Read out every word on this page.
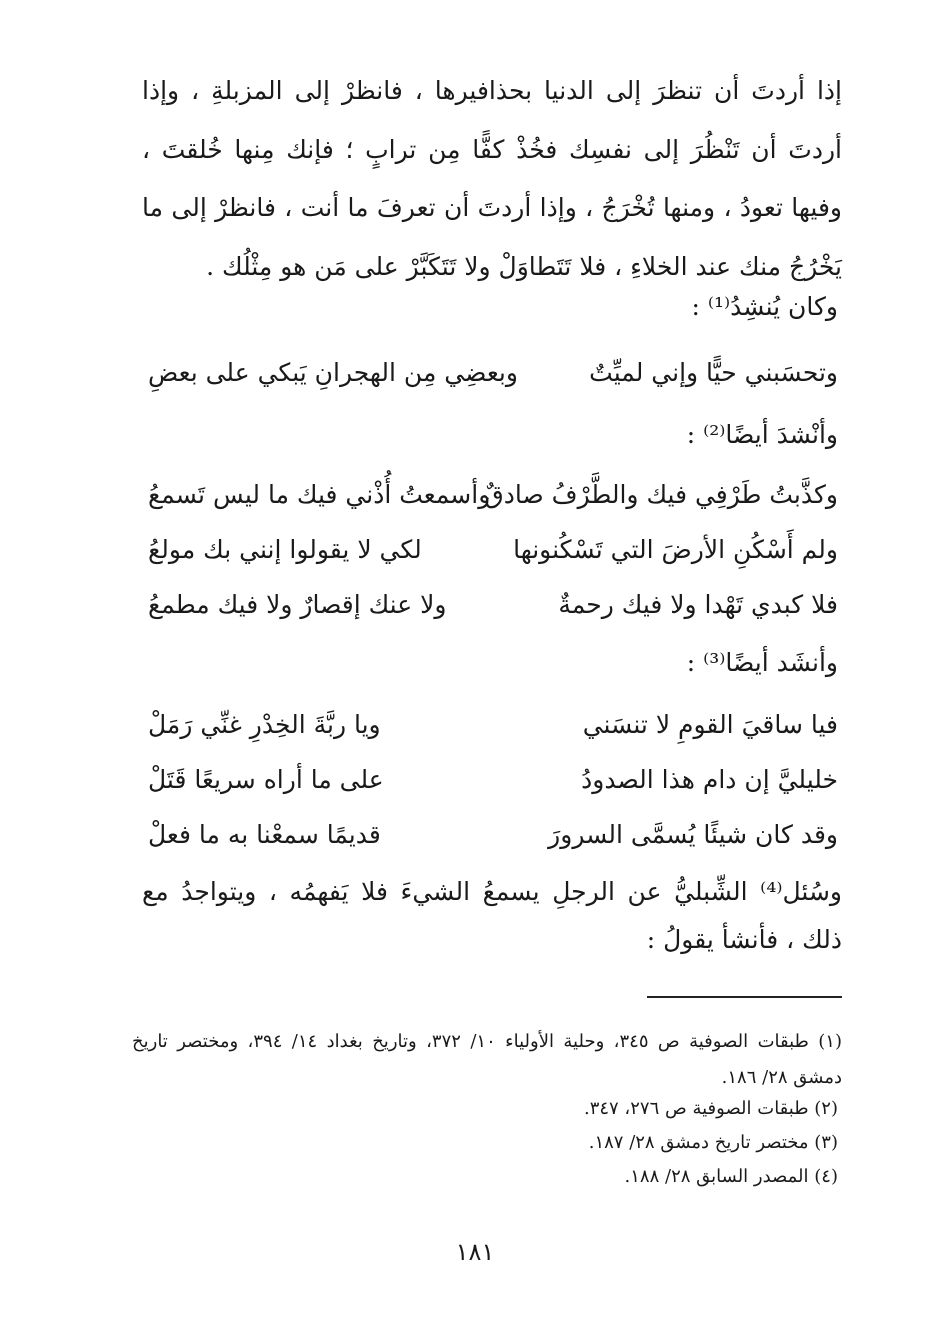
إذا أردتَ أن تنظرَ إلى الدنيا بحذافيرها ، فانظرْ إلى المزبلةِ ، وإذا أردتَ أن تَنْظُرَ إلى نفسِك فخُذْ كفًّا مِن ترابٍ ؛ فإنك مِنها خُلقتَ ، وفيها تعودُ ، ومنها تُخْرَجُ ، وإذا أردتَ أن تعرفَ ما أنت ، فانظرْ إلى ما يَخْرُجُ منك عند الخلاءِ ، فلا تَتَطاوَلْ ولا تَتَكَبَّرْ على مَن هو مِثْلُك .

وكان يُنشِدُ⁽¹⁾ :
وتحسَبني حيًّا وإني لميِّتٌ
وبعضِي مِن الهجرانِ يَبكي على بعضِ
وأنْشدَ أيضًا⁽²⁾ :
وكذَّبتُ طَرْفِي فيك والطَّرْفُ صادقٌ
وأسمعتُ أُذْني فيك ما ليس تَسمعُ
ولم أَسْكُنِ الأرضَ التي تَسْكُنونها
لكي لا يقولوا إنني بك مولعُ
فلا كبدي تَهْدا ولا فيك رحمةٌ
ولا عنك إقصارٌ ولا فيك مطمعُ
وأنشَد أيضًا⁽³⁾ :
فيا ساقيَ القومِ لا تنسَني
ويا ربَّةَ الخِدْرِ غنِّي رَمَلْ
خليليَّ إن دام هذا الصدودُ
على ما أراه سريعًا قَتَلْ
وقد كان شيئًا يُسمَّى السرورَ
قديمًا سمعْنا به ما فعلْ

وسُئل⁽⁴⁾ الشِّبليُّ عن الرجلِ يسمعُ الشيءَ فلا يَفهمُه ، ويتواجدُ مع ذلك ، فأنشأ يقولُ :

(١) طبقات الصوفية ص ٣٤٥، وحلية الأولياء ١٠/ ٣٧٢، وتاريخ بغداد ١٤/ ٣٩٤، ومختصر تاريخ دمشق ٢٨/ ١٨٦.

(٢) طبقات الصوفية ص ٢٧٦، ٣٤٧.
(٣) مختصر تاريخ دمشق ٢٨/ ١٨٧.
(٤) المصدر السابق ٢٨/ ١٨٨.
١٨١
